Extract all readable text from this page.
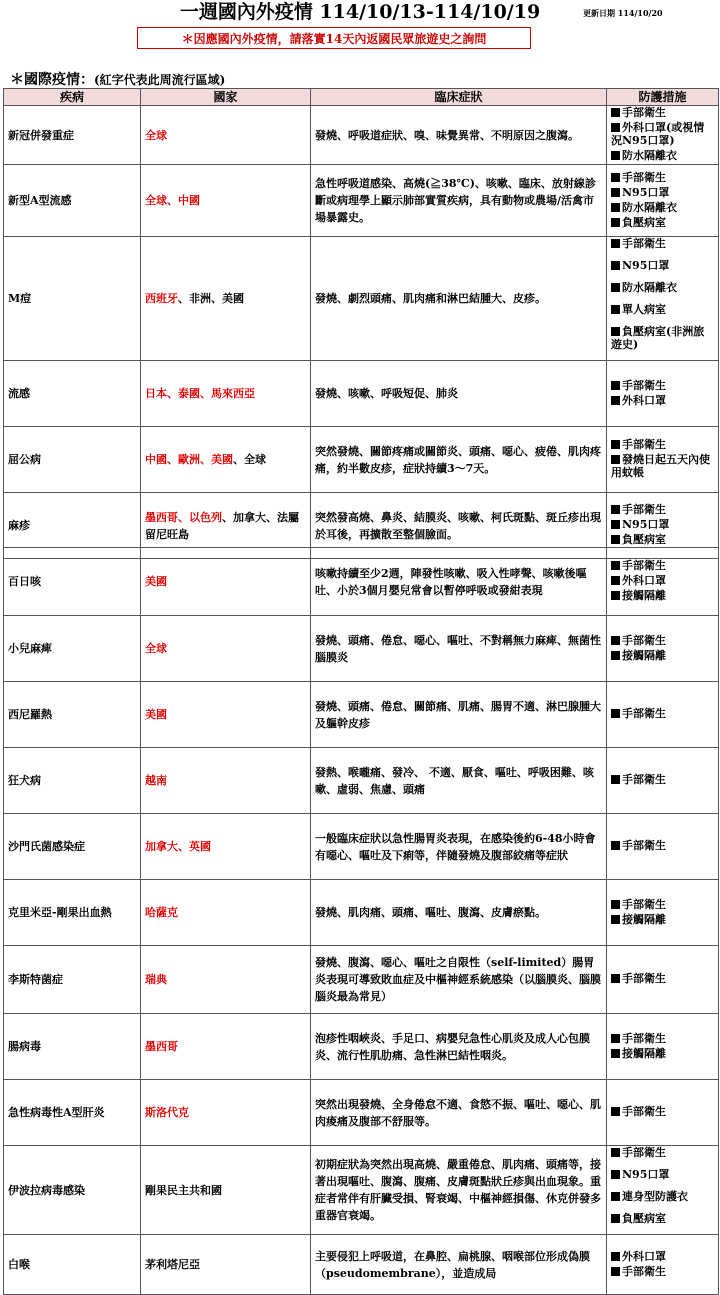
一週國內外疫情 114/10/13-114/10/19	更新日期 114/10/20
＊因應國內外疫情，請落實14天內返國民眾旅遊史之詢問
＊國際疫情：(紅字代表此周流行區域)
疾病	國家	臨床症狀	防護措施
新冠併發重症	全球	發燒、呼吸道症狀、嗅、味覺異常、不明原因之腹瀉。	手部衛生
外科口罩(或視情況N95口罩)
防水隔離衣

新型A型流感	全球、中國	急性呼吸道感染、高燒(≧38℃)、咳嗽、臨床、放射線診斷或病理學上顯示肺部實質疾病，具有動物或農場/活禽市場暴露史。	手部衛生
N95口罩
防水隔離衣
負壓病室

M痘	西班牙、非洲、美國	發燒、劇烈頭痛、肌肉痛和淋巴結腫大、皮疹。	手部衛生
N95口罩
防水隔離衣
單人病室
負壓病室(非洲旅遊史)

流感	日本、泰國、馬來西亞	發燒、咳嗽、呼吸短促、肺炎	手部衛生
外科口罩

屈公病	中國、歐洲、美國、全球	突然發燒、關節疼痛或關節炎、頭痛、噁心、疲倦、肌肉疼痛，約半數皮疹，症狀持續3～7天。	手部衛生
發燒日起五天內使用蚊帳

麻疹	墨西哥、以色列、加拿大、法屬留尼旺島	突然發高燒、鼻炎、結膜炎、咳嗽、柯氏斑點、斑丘疹出現於耳後，再擴散至整個臉面。	手部衛生
N95口罩
負壓病室
百日咳	美國	咳嗽持續至少2週，陣發性咳嗽、吸入性哮聲、咳嗽後嘔吐、小於3個月嬰兒常會以暫停呼吸或發紺表現	手部衛生
外科口罩
接觸隔離

小兒麻痺	全球	發燒、頭痛、倦怠、噁心、嘔吐、不對稱無力麻痺、無菌性腦膜炎	手部衛生
接觸隔離

西尼羅熱	美國	發燒、頭痛、倦怠、關節痛、肌痛、腸胃不適、淋巴腺腫大及軀幹皮疹	手部衛生

狂犬病	越南	發熱、喉嚨痛、發冷、 不適、厭食、嘔吐、呼吸困難、咳嗽、虛弱、焦慮、頭痛	手部衛生

沙門氏菌感染症	加拿大、英國	一般臨床症狀以急性腸胃炎表現，在感染後約6-48小時會有噁心、嘔吐及下痢等，伴隨發燒及腹部絞痛等症狀	手部衛生

克里米亞-剛果出血熱	哈薩克	發燒、肌肉痛、頭痛、嘔吐、腹瀉、皮膚瘀點。	手部衛生
接觸隔離

李斯特菌症	瑞典	發燒、腹瀉、噁心、嘔吐之自限性（self-limited）腸胃炎表現可導致敗血症及中樞神經系統感染（以腦膜炎、腦膜腦炎最為常見）	手部衛生

腸病毒	墨西哥	泡疹性咽峽炎、手足口、病嬰兒急性心肌炎及成人心包膜炎、流行性肌肋痛、急性淋巴結性咽炎。	手部衛生
接觸隔離
急性病毒性A型肝炎	斯洛代克	突然出現發燒、全身倦怠不適、食慾不振、嘔吐、噁心、肌肉痠痛及腹部不舒服等。	手部衛生

伊波拉病毒感染	剛果民主共和國	初期症狀為突然出現高燒、嚴重倦怠、肌肉痛、頭痛等，接著出現嘔吐、腹瀉、腹痛、皮膚斑點狀丘疹與出血現象。重症者常伴有肝臟受損、腎衰竭、中樞神經損傷、休克併發多重器官衰竭。	手部衛生
N95口罩
連身型防護衣
負壓病室

白喉	茅利塔尼亞	主要侵犯上呼吸道，在鼻腔、扁桃腺、咽喉部位形成偽膜（pseudomembrane），並造成局	外科口罩
手部衛生
